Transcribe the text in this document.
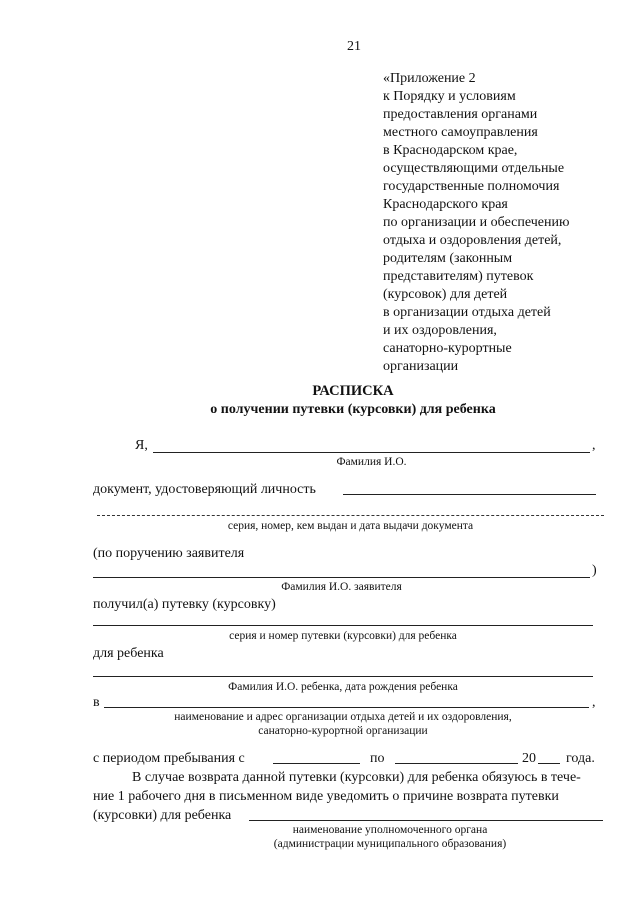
21
«Приложение 2
к Порядку и условиям
предоставления органами
местного самоуправления
в Краснодарском крае,
осуществляющими отдельные
государственные полномочия
Краснодарского края
по организации и обеспечению
отдыха и оздоровления детей,
родителям (законным
представителям) путевок
(курсовок) для детей
в организации отдыха детей
и их оздоровления,
санаторно-курортные
организации
РАСПИСКА
о получении путевки (курсовки) для ребенка
Я,	,
Фамилия И.О.
документ, удостоверяющий личность
серия, номер, кем выдан и дата выдачи документа
(по поручению заявителя
)
Фамилия И.О. заявителя
получил(а) путевку (курсовку)
серия и номер путевки (курсовки) для ребенка
для ребенка
Фамилия И.О. ребенка, дата рождения ребенка
в	,
наименование и адрес организации отдыха детей и их оздоровления,
санаторно-курортной организации
с периодом пребывания с	по	20 года.
В случае возврата данной путевки (курсовки) для ребенка обязуюсь в тече-
ние 1 рабочего дня в письменном виде уведомить о причине возврата путевки
(курсовки) для ребенка
наименование уполномоченного органа
(администрации муниципального образования)
